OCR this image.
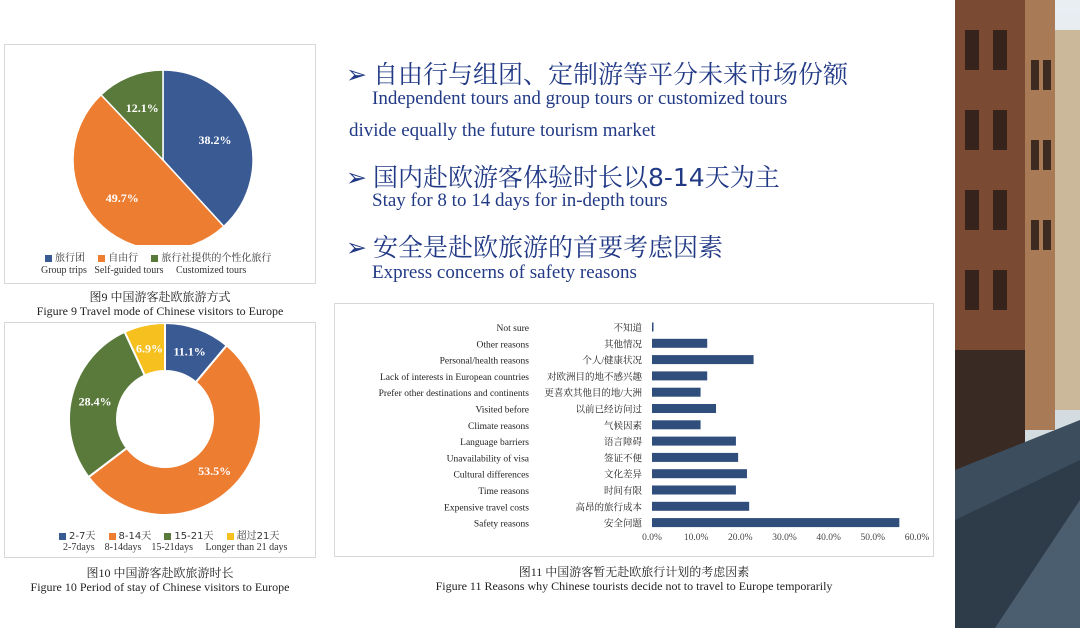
38.2%
49.7%
12.1%
旅行团 自由行 旅行社提供的个性化旅行
Group trips Self-guided tours Customized tours
图9 中国游客赴欧旅游方式
Figure 9 Travel mode of Chinese visitors to Europe
11.1%
53.5%
28.4%
6.9%
2-7天 8-14天 15-21天 超过21天
2-7days 8-14days 15-21days Longer than 21 days
图10 中国游客赴欧旅游时长
Figure 10 Period of stay of Chinese visitors to Europe
➢ 自由行与组团、定制游等平分未来市场份额
Independent tours and group tours or customized tours
divide equally the future tourism market
➢ 国内赴欧游客体验时长以8-14天为主
Stay for 8 to 14 days for in-depth tours
➢ 安全是赴欧旅游的首要考虑因素
Express concerns of safety reasons
Not sure	不知道
Other reasons	其他情况
Personal/health reasons	个人/健康状况
Lack of interests in European countries 对欧洲目的地不感兴趣
Prefer other destinations and continents 更喜欢其他目的地/大洲
Visited before	以前已经访问过
Climate reasons	气候因素
Language barriers	语言障碍
Unavailability of visa	签证不便
Cultural differences	文化差异
Time reasons	时间有限
Expensive travel costs	高昂的旅行成本
Safety reasons	安全问题
0.0% 10.0% 20.0% 30.0% 40.0% 50.0% 60.0%
图11 中国游客暂无赴欧旅行计划的考虑因素
Figure 11 Reasons why Chinese tourists decide not to travel to Europe temporarily
